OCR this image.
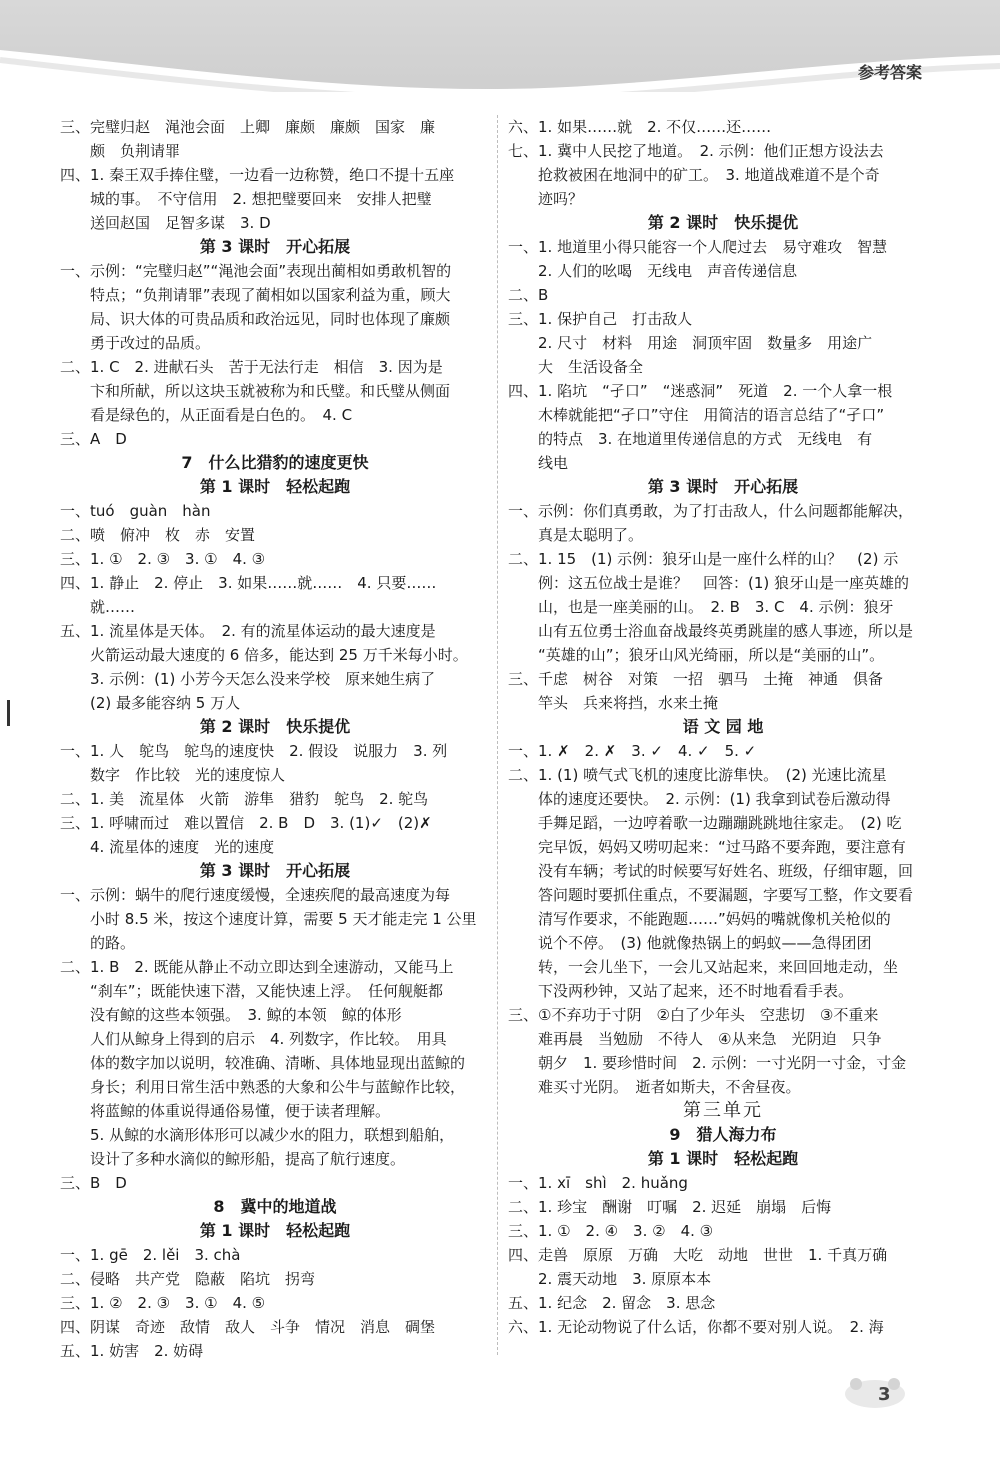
参考答案
三、完璧归赵　渑池会面　上卿　廉颇　廉颇　国家　廉
　　颇　负荆请罪
四、1. 秦王双手捧住璧，一边看一边称赞，绝口不提十五座
　　城的事。　不守信用　2. 想把璧要回来　安排人把璧
　　送回赵国　足智多谋　3. D
第 3 课时　开心拓展
一、示例：“完璧归赵”“渑池会面”表现出蔺相如勇敢机智的
　　特点；“负荆请罪”表现了蔺相如以国家利益为重，顾大
　　局、识大体的可贵品质和政治远见，同时也体现了廉颇
　　勇于改过的品质。
二、1. C　2. 进献石头　苦于无法行走　相信　3. 因为是
　　卞和所献，所以这块玉就被称为和氏璧。和氏璧从侧面
　　看是绿色的，从正面看是白色的。　4. C
三、A　D
7　什么比猎豹的速度更快
第 1 课时　轻松起跑
一、tuó　guàn　hàn
二、喷　俯冲　枚　赤　安置
三、1. ①　2. ③　3. ①　4. ③
四、1. 静止　2. 停止　3. 如果……就……　4. 只要……
　　就……
五、1. 流星体是天体。　2. 有的流星体运动的最大速度是
　　火箭运动最大速度的 6 倍多，能达到 25 万千米每小时。
　　3. 示例：(1) 小芳今天怎么没来学校　原来她生病了
　　(2) 最多能容纳 5 万人
第 2 课时　快乐提优
一、1. 人　鸵鸟　鸵鸟的速度快　2. 假设　说服力　3. 列
　　数字　作比较　光的速度惊人
二、1. 美　流星体　火箭　游隼　猎豹　鸵鸟　2. 鸵鸟
三、1. 呼啸而过　难以置信　2. B　D　3. (1)✓　(2)✗
　　4. 流星体的速度　光的速度
第 3 课时　开心拓展
一、示例：蜗牛的爬行速度缓慢，全速疾爬的最高速度为每
　　小时 8.5 米，按这个速度计算，需要 5 天才能走完 1 公里
　　的路。
二、1. B　2. 既能从静止不动立即达到全速游动，又能马上
　　“刹车”；既能快速下潜，又能快速上浮。　任何舰艇都
　　没有鲸的这些本领强。　3. 鲸的本领　鲸的体形
　　人们从鲸身上得到的启示　4. 列数字，作比较。　用具
　　体的数字加以说明，较准确、清晰、具体地显现出蓝鲸的
　　身长；利用日常生活中熟悉的大象和公牛与蓝鲸作比较，
　　将蓝鲸的体重说得通俗易懂，便于读者理解。
　　5. 从鲸的水滴形体形可以减少水的阻力，联想到船舶，
　　设计了多种水滴似的鲸形船，提高了航行速度。
三、B　D
8　冀中的地道战
第 1 课时　轻松起跑
一、1. gē　2. lěi　3. chà
二、侵略　共产党　隐蔽　陷坑　拐弯
三、1. ②　2. ③　3. ①　4. ⑤
四、阴谋　奇迹　敌情　敌人　斗争　情况　消息　碉堡
五、1. 妨害　2. 妨碍
六、1. 如果……就　2. 不仅……还……
七、1. 冀中人民挖了地道。　2. 示例：他们正想方设法去
　　抢救被困在地洞中的矿工。　3. 地道战难道不是个奇
　　迹吗？
第 2 课时　快乐提优
一、1. 地道里小得只能容一个人爬过去　易守难攻　智慧
　　2. 人们的吆喝　无线电　声音传递信息
二、B
三、1. 保护自己　打击敌人
　　2. 尺寸　材料　用途　洞顶牢固　数量多　用途广
　　大　生活设备全
四、1. 陷坑　“孑口”　“迷惑洞”　死道　2. 一个人拿一根
　　木棒就能把“孑口”守住　用简洁的语言总结了“孑口”
　　的特点　3. 在地道里传递信息的方式　无线电　有
　　线电
第 3 课时　开心拓展
一、示例：你们真勇敢，为了打击敌人，什么问题都能解决，
　　真是太聪明了。
二、1. 15　(1) 示例：狼牙山是一座什么样的山？　(2) 示
　　例：这五位战士是谁？　回答：(1) 狼牙山是一座英雄的
　　山，也是一座美丽的山。　2. B　3. C　4. 示例：狼牙
　　山有五位勇士浴血奋战最终英勇跳崖的感人事迹，所以是
　　“英雄的山”；狼牙山风光绮丽，所以是“美丽的山”。
三、千虑　树谷　对策　一招　驷马　土掩　神通　俱备
　　竿头　兵来将挡，水来土掩
语 文 园 地
一、1. ✗　2. ✗　3. ✓　4. ✓　5. ✓
二、1. (1) 喷气式飞机的速度比游隼快。　(2) 光速比流星
　　体的速度还要快。　2. 示例：(1) 我拿到试卷后激动得
　　手舞足蹈，一边哼着歌一边蹦蹦跳跳地往家走。　(2) 吃
　　完早饭，妈妈又唠叨起来：“过马路不要奔跑，要注意有
　　没有车辆；考试的时候要写好姓名、班级，仔细审题，回
　　答问题时要抓住重点，不要漏题，字要写工整，作文要看
　　清写作要求，不能跑题……”妈妈的嘴就像机关枪似的
　　说个不停。　(3) 他就像热锅上的蚂蚁——急得团团
　　转，一会儿坐下，一会儿又站起来，来回回地走动，坐
　　下没两秒钟，又站了起来，还不时地看看手表。
三、①不弃功于寸阴　②白了少年头　空悲切　③不重来
　　难再晨　当勉励　不待人　④从来急　光阴迫　只争
　　朝夕　1. 要珍惜时间　2. 示例：一寸光阴一寸金，寸金
　　难买寸光阴。　逝者如斯夫，不舍昼夜。
第三单元
9　猎人海力布
第 1 课时　轻松起跑
一、1. xī　shì　2. huǎng
二、1. 珍宝　酬谢　叮嘱　2. 迟延　崩塌　后悔
三、1. ①　2. ④　3. ②　4. ③
四、走兽　原原　万确　大吃　动地　世世　1. 千真万确
　　2. 震天动地　3. 原原本本
五、1. 纪念　2. 留念　3. 思念
六、1. 无论动物说了什么话，你都不要对别人说。　2. 海
3
